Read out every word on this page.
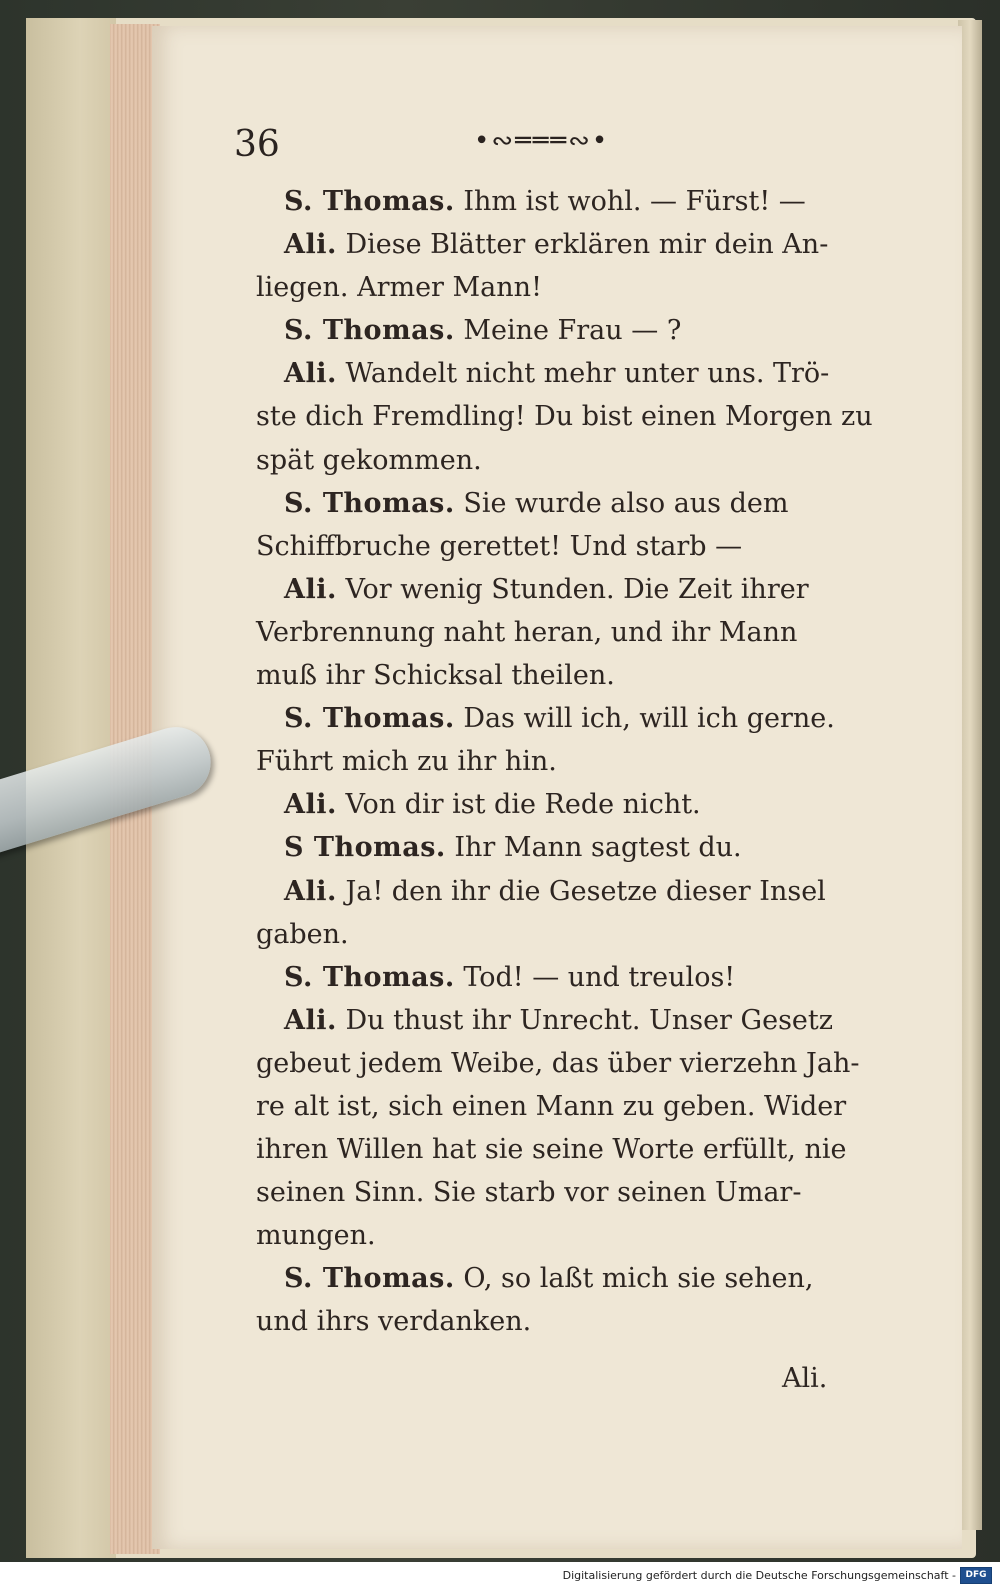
36	•∾═══∾•
S. Thomas. Ihm ist wohl. — Fürst! —
Ali. Diese Blätter erklären mir dein An-
liegen. Armer Mann!
S. Thomas. Meine Frau — ?
Ali. Wandelt nicht mehr unter uns. Trö-
ste dich Fremdling! Du bist einen Morgen zu
spät gekommen.
S. Thomas. Sie wurde also aus dem
Schiffbruche gerettet! Und starb —
Ali. Vor wenig Stunden. Die Zeit ihrer
Verbrennung naht heran, und ihr Mann
muß ihr Schicksal theilen.
S. Thomas. Das will ich, will ich gerne.
Führt mich zu ihr hin.
Ali. Von dir ist die Rede nicht.
S Thomas. Ihr Mann sagtest du.
Ali. Ja! den ihr die Gesetze dieser Insel
gaben.
S. Thomas. Tod! — und treulos!
Ali. Du thust ihr Unrecht. Unser Gesetz
gebeut jedem Weibe, das über vierzehn Jah-
re alt ist, sich einen Mann zu geben. Wider
ihren Willen hat sie seine Worte erfüllt, nie
seinen Sinn. Sie starb vor seinen Umar-
mungen.
S. Thomas. O, so laßt mich sie sehen,
und ihrs verdanken.
Ali.
Digitalisierung gefördert durch die Deutsche Forschungsgemeinschaft -	DFG
